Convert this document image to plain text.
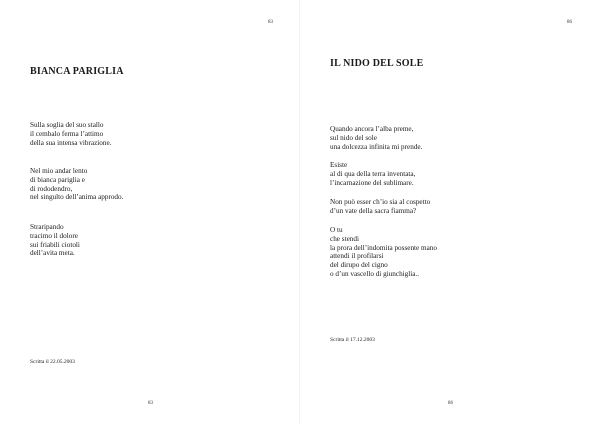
83
BIANCA PARIGLIA
Sulla soglia del suo stallo
il cembalo ferma l’attimo
della sua intensa vibrazione.
Nel mio andar lento
di bianca pariglia e
di rododendro,
nel singulto dell’anima approdo.
Straripando
tracimo il dolore
sui friabili ciotoli
dell’avita meta.
Scritta il 22.05.2003
83
86
IL NIDO DEL SOLE
Quando ancora l’alba preme,
sul nido del sole
una dolcezza infinita mi prende.
Esiste
al di qua della terra inventata,
l’incarnazione del sublimare.
Non può esser ch’io sia al cospetto
d’un vate della sacra fiamma?
O tu
che stendi
la prora dell’indomita possente mano
attendi il profilarsi
del dirupo del cigno
o d’un vascello di giunchiglia..
Scritta il 17.12.2003
86
